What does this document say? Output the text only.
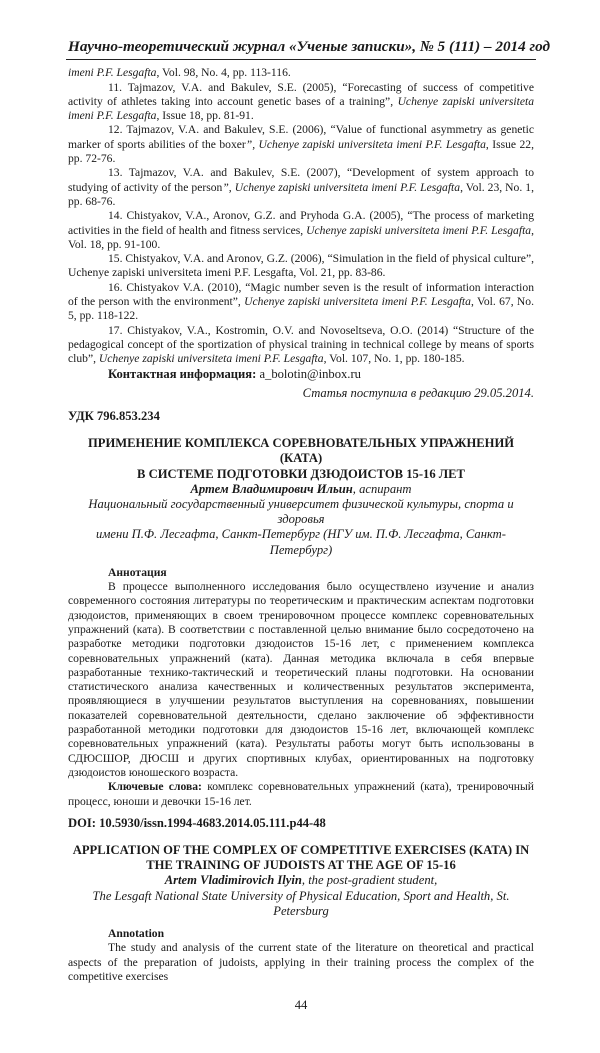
Научно-теоретический журнал «Ученые записки», № 5 (111) – 2014 год

imeni P.F. Lesgafta, Vol. 98, No. 4, pp. 113-116.

11. Tajmazov, V.A. and Bakulev, S.E. (2005), “Forecasting of success of competitive activity of athletes taking into account genetic bases of a training”, Uchenye zapiski universiteta imeni P.F. Lesgafta, Issue 18, pp. 81-91.

12. Tajmazov, V.A. and Bakulev, S.E. (2006), “Value of functional asymmetry as genetic marker of sports abilities of the boxer”, Uchenye zapiski universiteta imeni P.F. Lesgafta, Issue 22, pp. 72-76.

13. Tajmazov, V.A. and Bakulev, S.E. (2007), “Development of system approach to studying of activity of the person”, Uchenye zapiski universiteta imeni P.F. Lesgafta, Vol. 23, No. 1, pp. 68-76.

14. Chistyakov, V.A., Aronov, G.Z. and Pryhoda G.A. (2005), “The process of marketing activities in the field of health and fitness services, Uchenye zapiski universiteta imeni P.F. Lesgafta, Vol. 18, pp. 91-100.

15. Chistyakov, V.A. and Aronov, G.Z. (2006), “Simulation in the field of physical culture”, Uchenye zapiski universiteta imeni P.F. Lesgafta, Vol. 21, pp. 83-86.

16. Chistyakov V.A. (2010), “Magic number seven is the result of information interaction of the person with the environment”, Uchenye zapiski universiteta imeni P.F. Lesgafta, Vol. 67, No. 5, pp. 118-122.

17. Chistyakov, V.A., Kostromin, O.V. and Novoseltseva, O.O. (2014) “Structure of the pedagogical concept of the sportization of physical training in technical college by means of sports club”, Uchenye zapiski universiteta imeni P.F. Lesgafta, Vol. 107, No. 1, pp. 180-185.

Контактная информация: a_bolotin@inbox.ru

Статья поступила в редакцию 29.05.2014.

УДК 796.853.234

ПРИМЕНЕНИЕ КОМПЛЕКСА СОРЕВНОВАТЕЛЬНЫХ УПРАЖНЕНИЙ (КАТА)

В СИСТЕМЕ ПОДГОТОВКИ ДЗЮДОИСТОВ 15-16 ЛЕТ

Артем Владимирович Ильин, аспирант

Национальный государственный университет физической культуры, спорта и здоровья

имени П.Ф. Лесгафта, Санкт-Петербург (НГУ им. П.Ф. Лесгафта, Санкт-Петербург)

Аннотация

В процессе выполненного исследования было осуществлено изучение и анализ современного состояния литературы по теоретическим и практическим аспектам подготовки дзюдоистов, применяющих в своем тренировочном процессе комплекс соревновательных упражнений (ката). В соответствии с поставленной целью внимание было сосредоточено на разработке методики подготовки дзюдоистов 15-16 лет, с применением комплекса соревновательных упражнений (ката). Данная методика включала в себя впервые разработанные технико-тактический и теоретический планы подготовки. На основании статистического анализа качественных и количественных результатов эксперимента, проявляющиеся в улучшении результатов выступления на соревнованиях, повышении показателей соревновательной деятельности, сделано заключение об эффективности разработанной методики подготовки для дзюдоистов 15-16 лет, включающей комплекс соревновательных упражнений (ката). Результаты работы могут быть использованы в СДЮСШОР, ДЮСШ и других спортивных клубах, ориентированных на подготовку дзюдоистов юношеского возраста.

Ключевые слова: комплекс соревновательных упражнений (ката), тренировочный процесс, юноши и девочки 15-16 лет.

DOI: 10.5930/issn.1994-4683.2014.05.111.p44-48

APPLICATION OF THE COMPLEX OF COMPETITIVE EXERCISES (KATA) IN

THE TRAINING OF JUDOISTS AT THE AGE OF 15-16

Artem Vladimirovich Ilyin, the post-gradient student,

The Lesgaft National State University of Physical Education, Sport and Health, St. Petersburg

Annotation

The study and analysis of the current state of the literature on theoretical and practical aspects of the preparation of judoists, applying in their training process the complex of the competitive exercises

44
